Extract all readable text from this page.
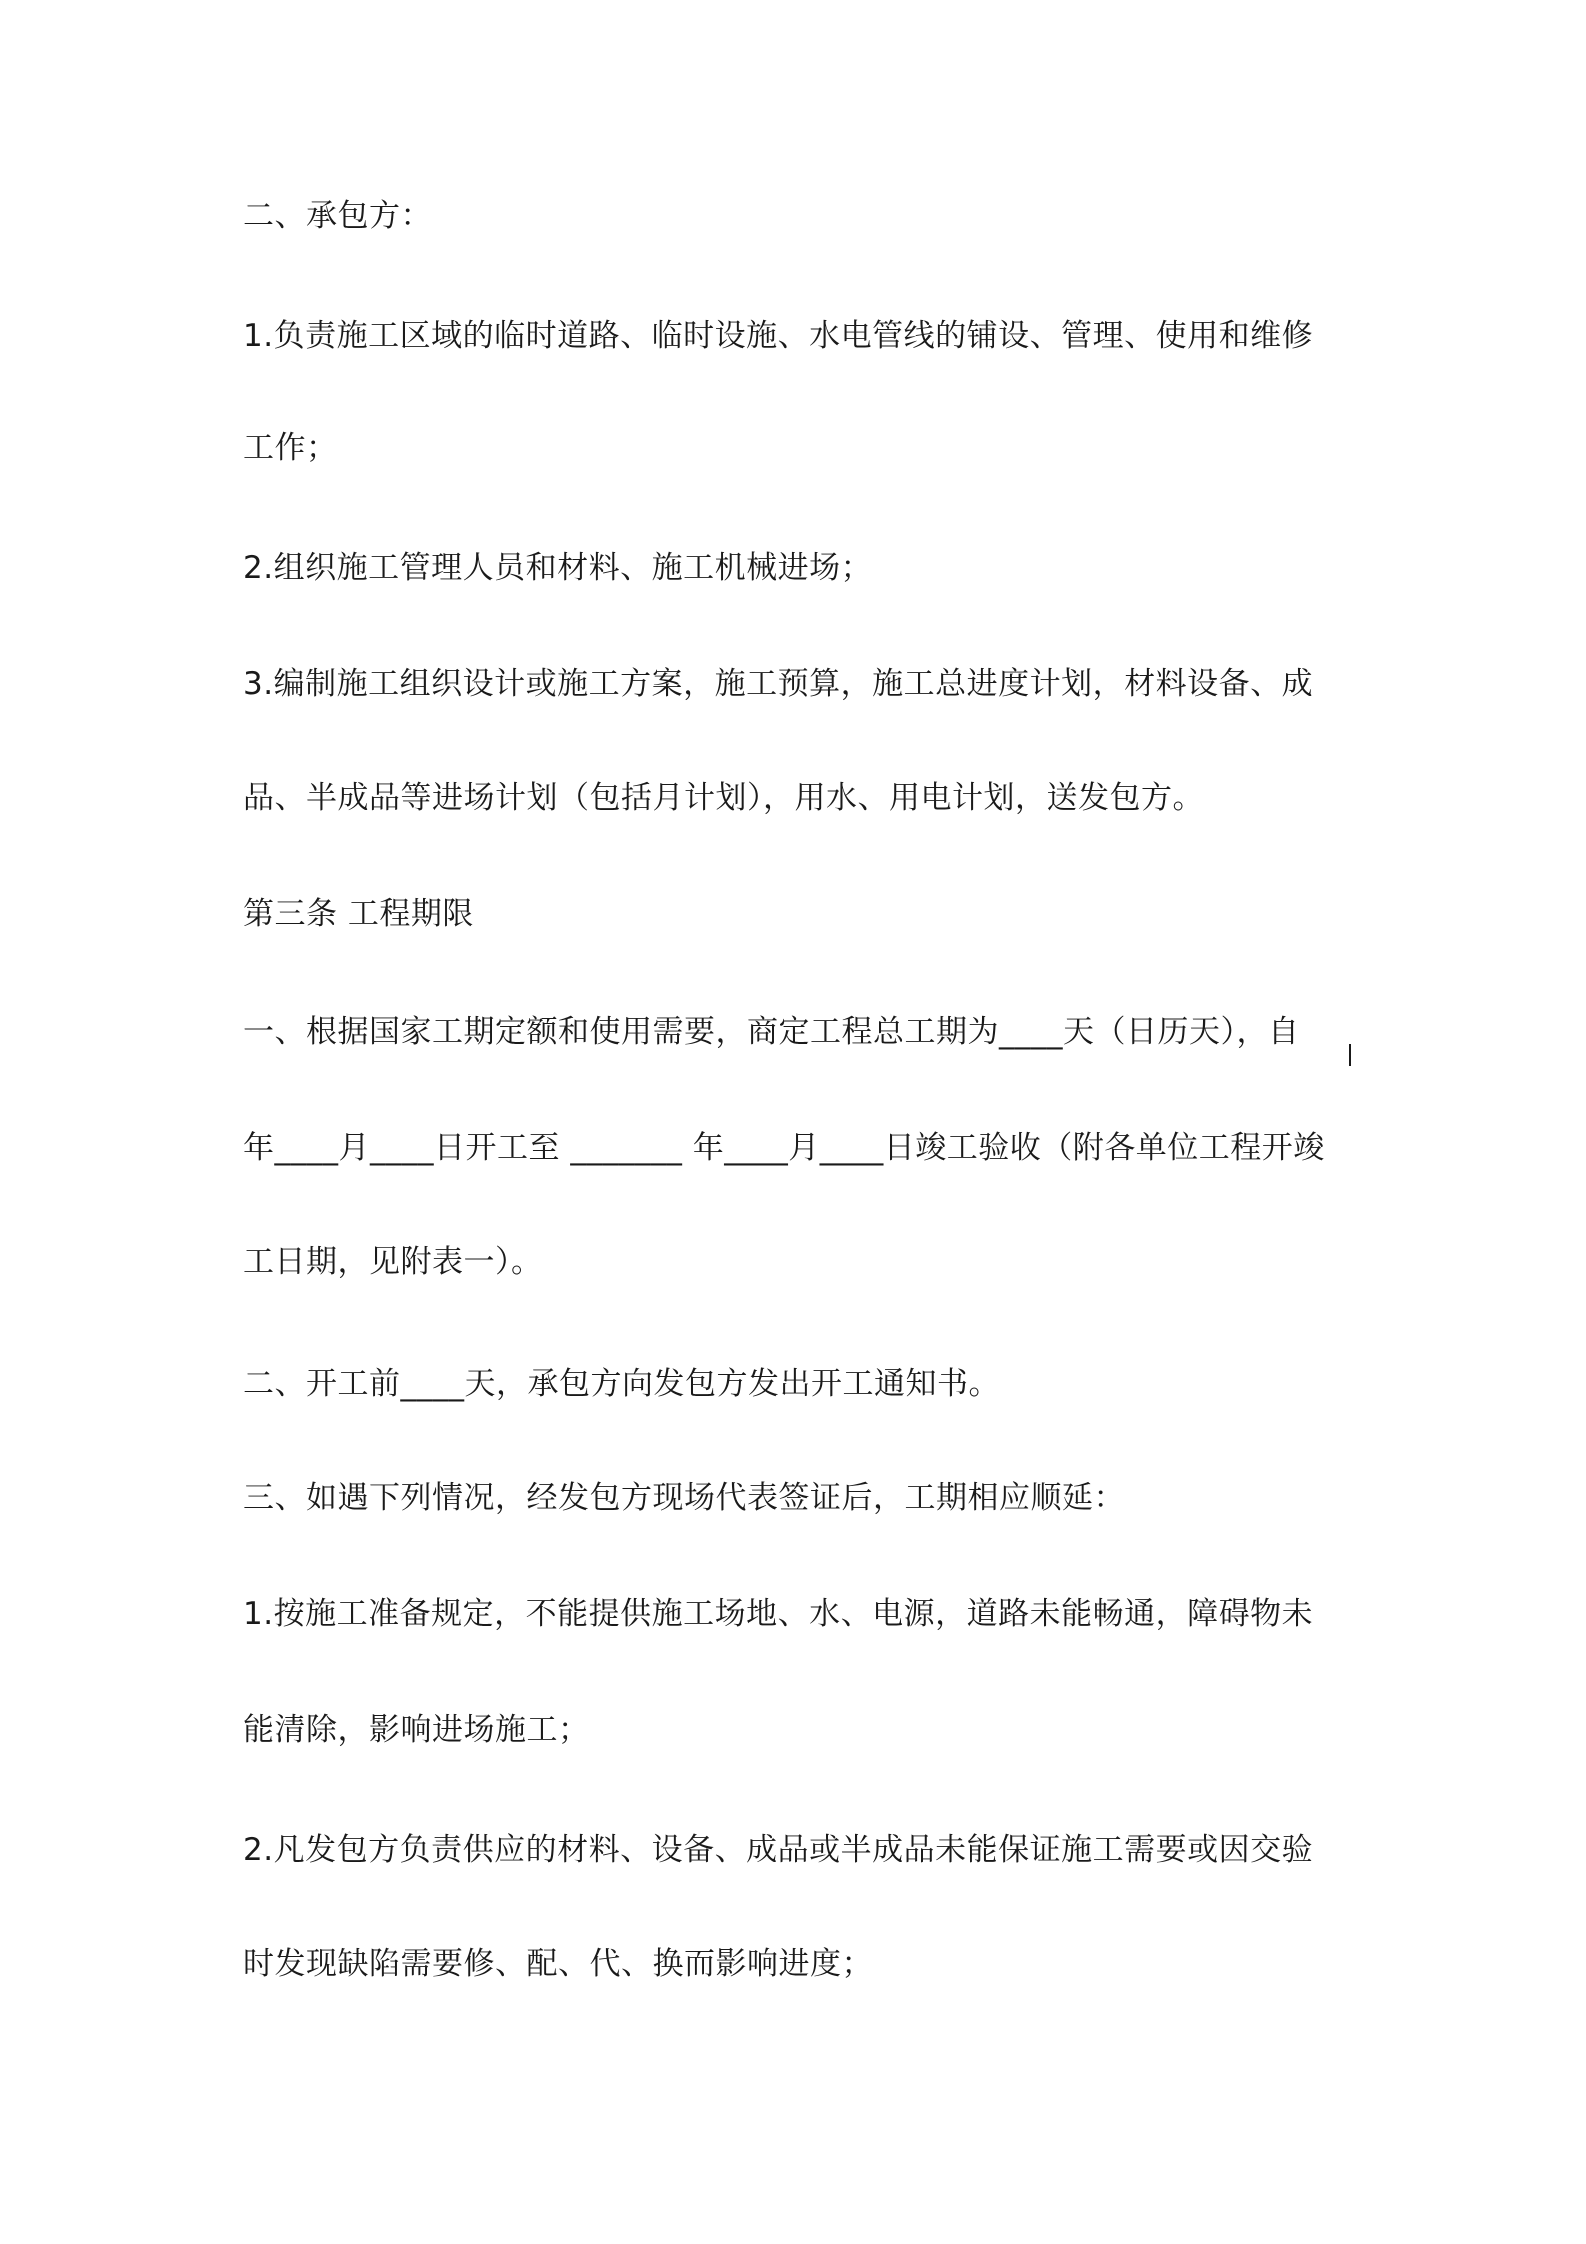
二、承包方：
1.负责施工区域的临时道路、临时设施、水电管线的铺设、管理、使用和维修
工作；
2.组织施工管理人员和材料、施工机械进场；
3.编制施工组织设计或施工方案，施工预算，施工总进度计划，材料设备、成
品、半成品等进场计划（包括月计划），用水、用电计划，送发包方。
第三条 工程期限
一、根据国家工期定额和使用需要，商定工程总工期为____天（日历天），自
年____月____日开工至 _______ 年____月____日竣工验收（附各单位工程开竣
工日期，见附表一）。
二、开工前____天，承包方向发包方发出开工通知书。
三、如遇下列情况，经发包方现场代表签证后，工期相应顺延：
1.按施工准备规定，不能提供施工场地、水、电源，道路未能畅通，障碍物未
能清除，影响进场施工；
2.凡发包方负责供应的材料、设备、成品或半成品未能保证施工需要或因交验
时发现缺陷需要修、配、代、换而影响进度；
